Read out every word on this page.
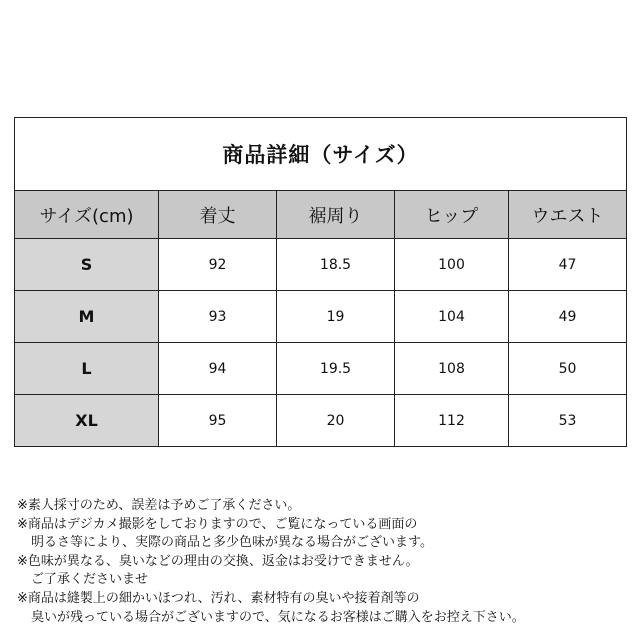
商品詳細（サイズ）				
サイズ(cm)	着丈	裾周り	ヒップ	ウエスト
S	92	18.5	100	47
M	93	19	104	49
L	94	19.5	108	50
XL	95	20	112	53
※素人採寸のため、誤差は予めご了承ください。
※商品はデジカメ撮影をしておりますので、ご覧になっている画面の
明るさ等により、実際の商品と多少色味が異なる場合がございます。
※色味が異なる、臭いなどの理由の交換、返金はお受けできません。
ご了承くださいませ
※商品は縫製上の細かいほつれ、汚れ、素材特有の臭いや接着剤等の
臭いが残っている場合がございますので、気になるお客様はご購入をお控え下さい。
